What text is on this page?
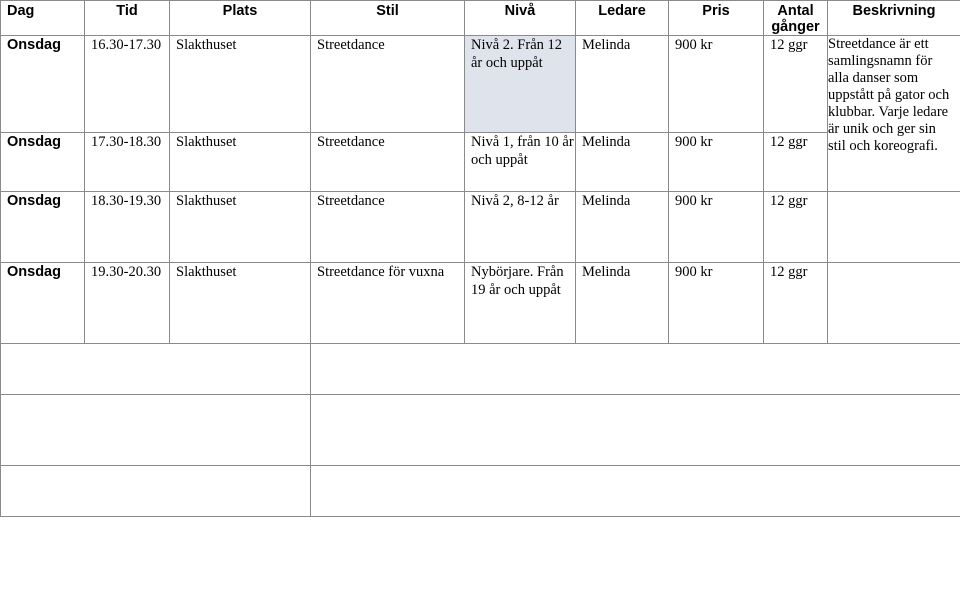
Dag	Tid	Plats	Stil	Nivå	Ledare	Pris	Antal gånger	Beskrivning
Onsdag	16.30-17.30	Slakthuset	Streetdance	Nivå 2. Från 12 år och uppåt	Melinda	900 kr	12 ggr	Streetdance är ett samlingsnamn för alla danser som uppstått på gator och klubbar. Varje ledare är unik och ger sin stil och koreografi.

Onsdag	17.30-18.30	Slakthuset	Streetdance	Nivå 1, från 10 år och uppåt	Melinda	900 kr	12 ggr	
Onsdag	18.30-19.30	Slakthuset	Streetdance	Nivå 2, 8-12 år	Melinda	900 kr	12 ggr	
Onsdag	19.30-20.30	Slakthuset	Streetdance för vuxna	Nybörjare. Från 19 år och uppåt	Melinda	900 kr	12 ggr	
